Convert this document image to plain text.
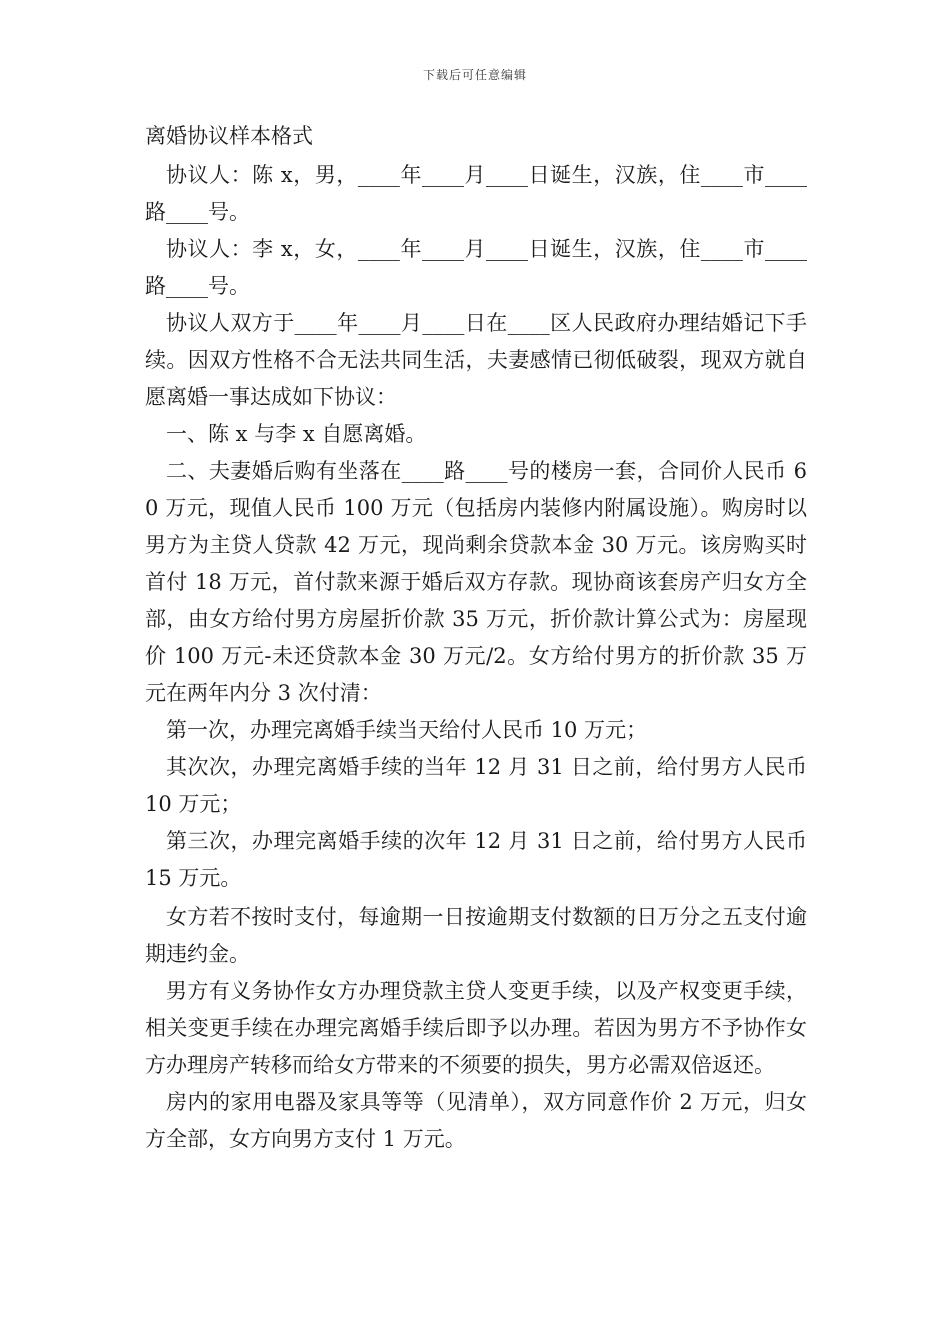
下载后可任意编辑
离婚协议样本格式

协议人：陈 x，男，____年____月____日诞生，汉族，住____市____路____号。

协议人：李 x，女，____年____月____日诞生，汉族，住____市____路____号。

协议人双方于____年____月____日在____区人民政府办理结婚记下手续。因双方性格不合无法共同生活，夫妻感情已彻低破裂，现双方就自愿离婚一事达成如下协议：

一、陈 x 与李 x 自愿离婚。

二、夫妻婚后购有坐落在____路____号的楼房一套，合同价人民币 60 万元，现值人民币 100 万元（包括房内装修内附属设施）。购房时以男方为主贷人贷款 42 万元，现尚剩余贷款本金 30 万元。该房购买时首付 18 万元，首付款来源于婚后双方存款。现协商该套房产归女方全部，由女方给付男方房屋折价款 35 万元，折价款计算公式为：房屋现价 100 万元-未还贷款本金 30 万元/2。女方给付男方的折价款 35 万元在两年内分 3 次付清：

第一次，办理完离婚手续当天给付人民币 10 万元；

其次次，办理完离婚手续的当年 12 月 31 日之前，给付男方人民币 10 万元；

第三次，办理完离婚手续的次年 12 月 31 日之前，给付男方人民币 15 万元。

女方若不按时支付，每逾期一日按逾期支付数额的日万分之五支付逾期违约金。

男方有义务协作女方办理贷款主贷人变更手续，以及产权变更手续，相关变更手续在办理完离婚手续后即予以办理。若因为男方不予协作女方办理房产转移而给女方带来的不须要的损失，男方必需双倍返还。

房内的家用电器及家具等等（见清单），双方同意作价 2 万元，归女方全部，女方向男方支付 1 万元。
